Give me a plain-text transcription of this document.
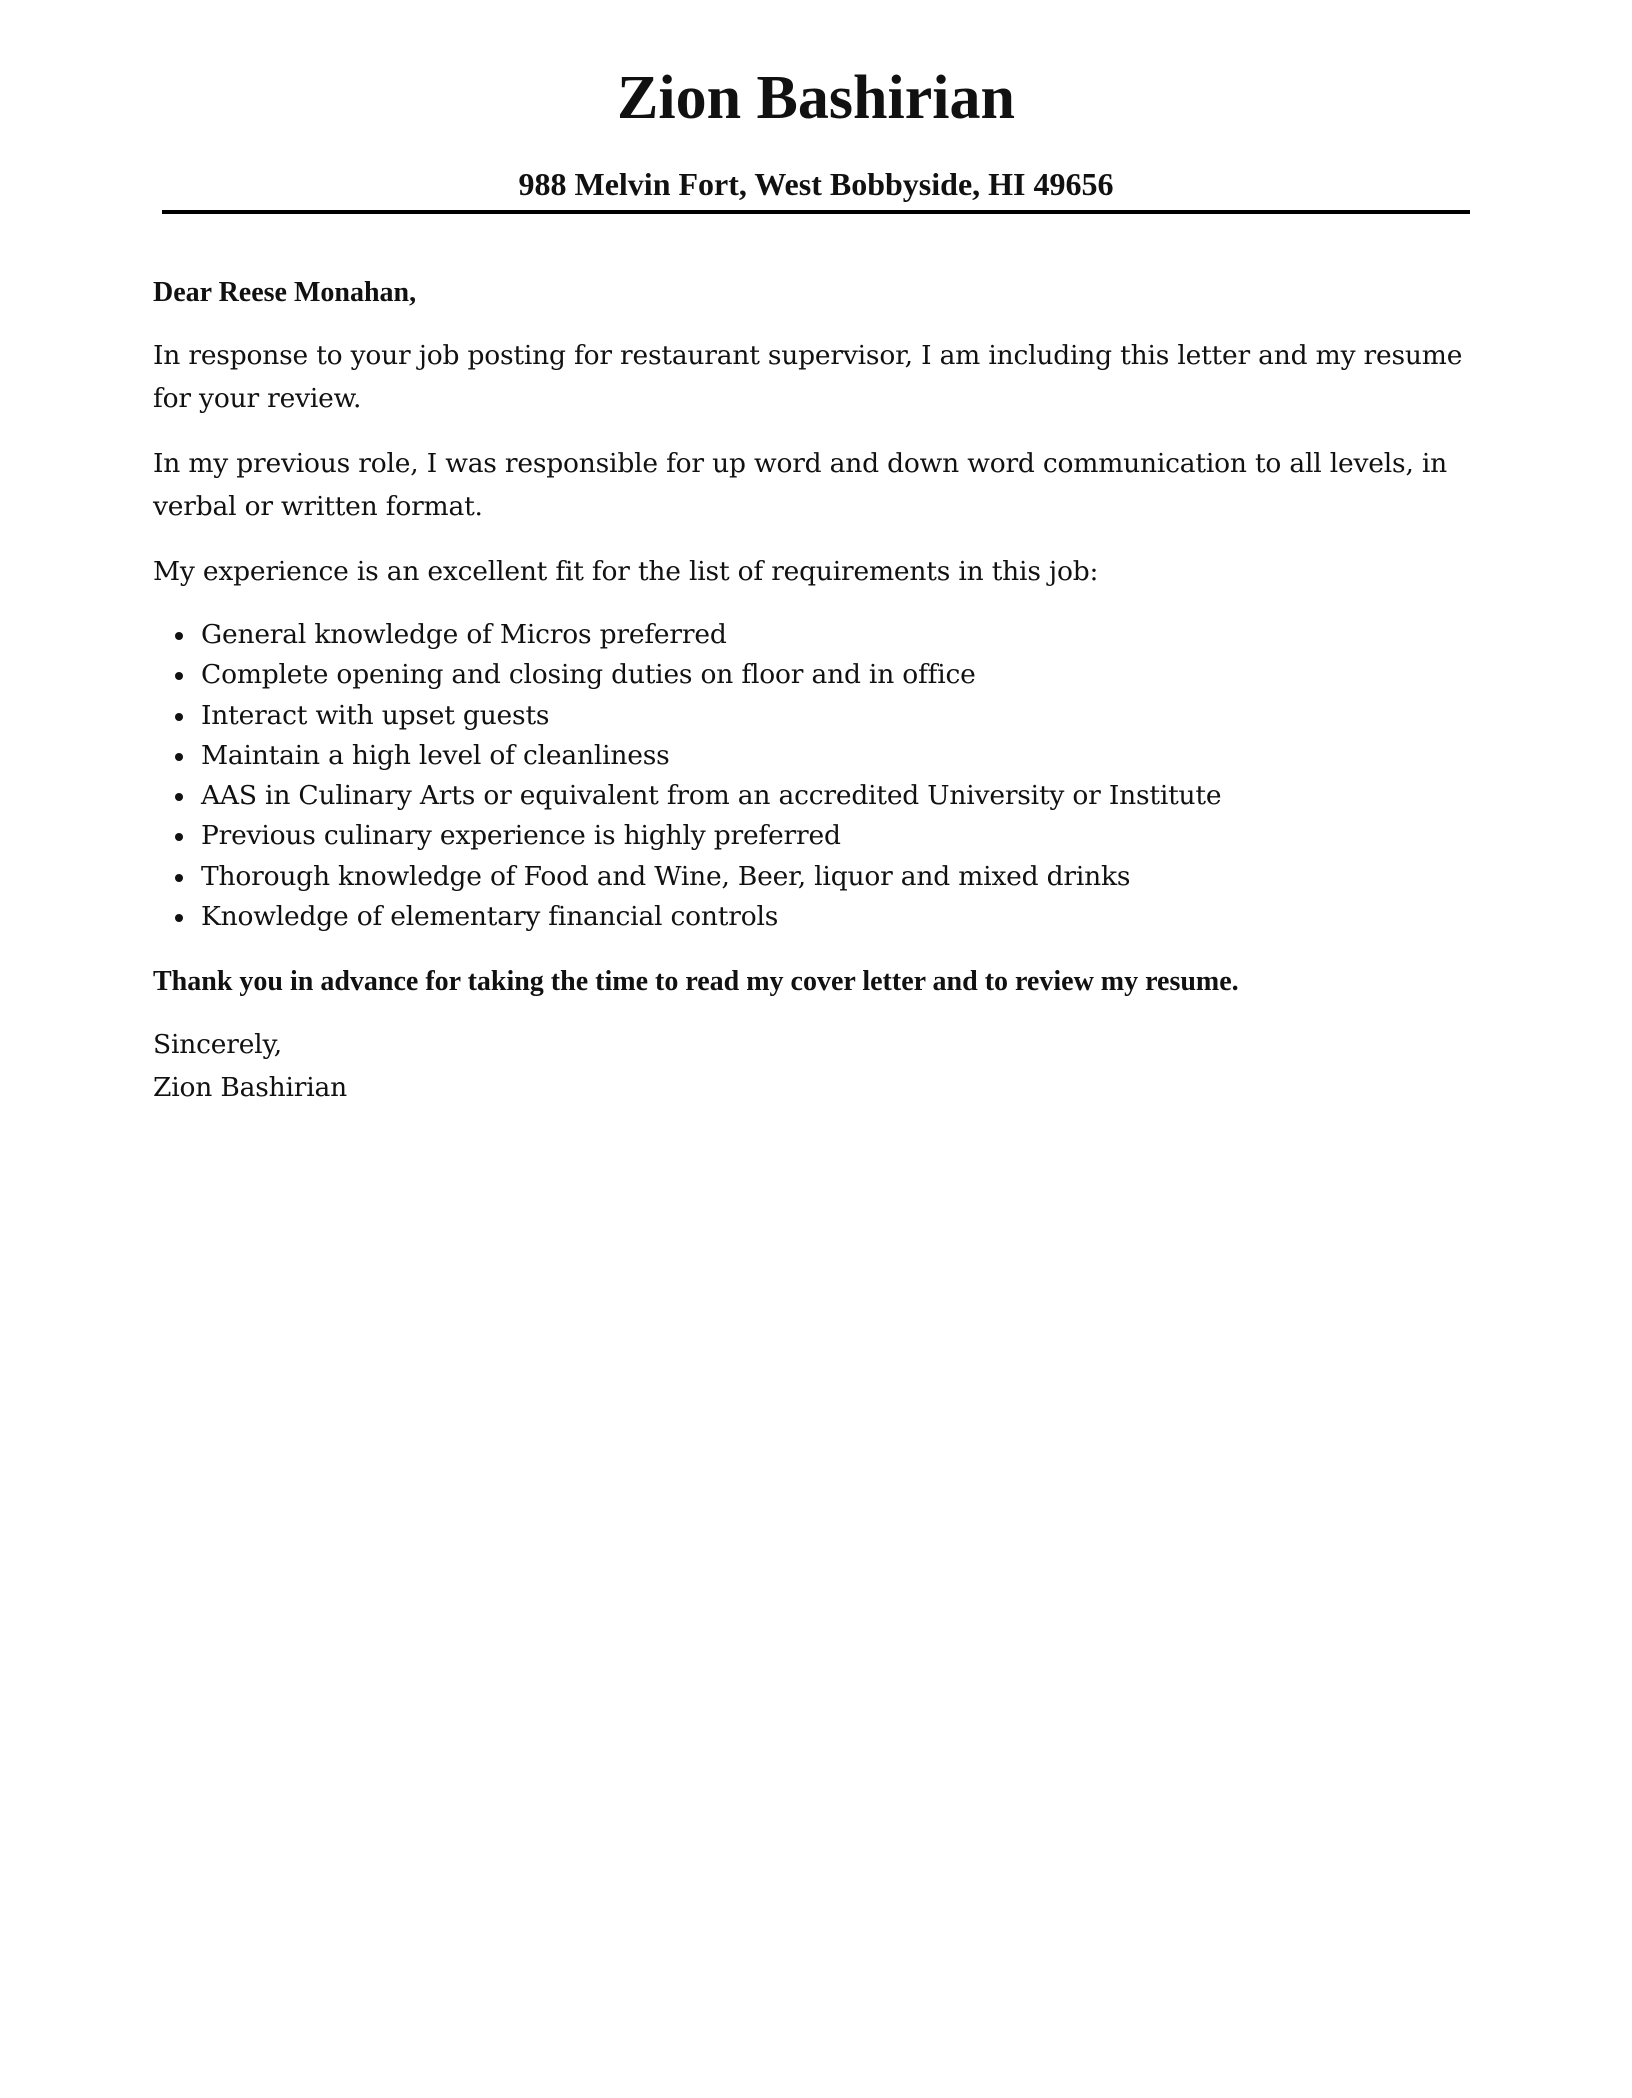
Zion Bashirian
988 Melvin Fort, West Bobbyside, HI 49656

Dear Reese Monahan,

In response to your job posting for restaurant supervisor, I am including this letter and my resume for your review.

In my previous role, I was responsible for up word and down word communication to all levels, in verbal or written format.

My experience is an excellent fit for the list of requirements in this job:

General knowledge of Micros preferred
Complete opening and closing duties on floor and in office
Interact with upset guests
Maintain a high level of cleanliness
AAS in Culinary Arts or equivalent from an accredited University or Institute
Previous culinary experience is highly preferred
Thorough knowledge of Food and Wine, Beer, liquor and mixed drinks
Knowledge of elementary financial controls

Thank you in advance for taking the time to read my cover letter and to review my resume.

Sincerely,

Zion Bashirian
